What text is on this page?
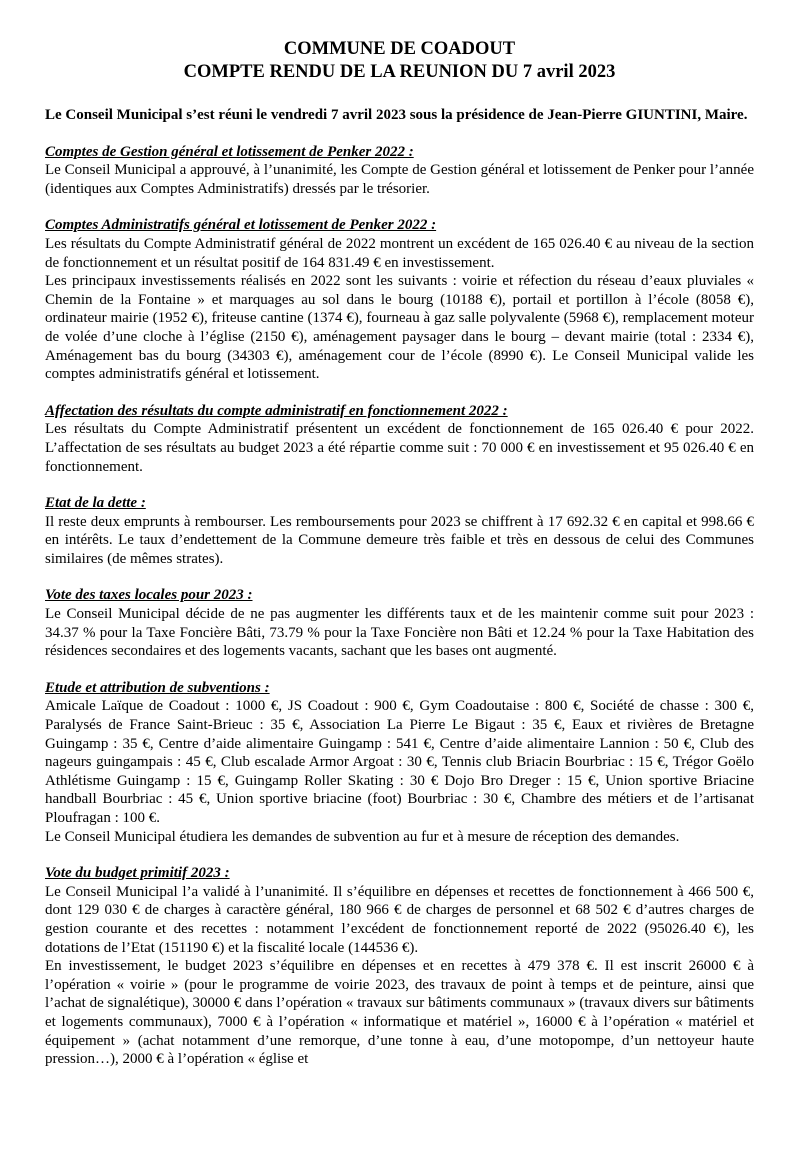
COMMUNE DE COADOUT
COMPTE RENDU DE LA REUNION DU 7 avril 2023

Le Conseil Municipal s’est réuni le vendredi 7 avril 2023 sous la présidence de Jean-Pierre GIUNTINI, Maire.

Comptes de Gestion général et lotissement de Penker 2022 :

Le Conseil Municipal a approuvé, à l’unanimité, les Compte de Gestion général et lotissement de Penker pour l’année (identiques aux Comptes Administratifs) dressés par le trésorier.

Comptes Administratifs général et lotissement de Penker 2022 :

Les résultats du Compte Administratif général de 2022 montrent un excédent de 165 026.40 € au niveau de la section de fonctionnement et un résultat positif de 164 831.49 € en investissement.

Les principaux investissements réalisés en 2022 sont les suivants : voirie et réfection du réseau d’eaux pluviales « Chemin de la Fontaine » et marquages au sol dans le bourg (10188 €), portail et portillon à l’école (8058 €), ordinateur mairie (1952 €), friteuse cantine (1374 €), fourneau à gaz salle polyvalente (5968 €), remplacement moteur de volée d’une cloche à l’église (2150 €), aménagement paysager dans le bourg – devant mairie (total : 2334 €), Aménagement bas du bourg (34303 €), aménagement cour de l’école (8990 €). Le Conseil Municipal valide les comptes administratifs général et lotissement.

Affectation des résultats du compte administratif en fonctionnement 2022 :

Les résultats du Compte Administratif présentent un excédent de fonctionnement de 165 026.40 € pour 2022. L’affectation de ses résultats au budget 2023 a été répartie comme suit : 70 000 € en investissement et 95 026.40 € en fonctionnement.

Etat de la dette :

Il reste deux emprunts à rembourser. Les remboursements pour 2023 se chiffrent à 17 692.32 € en capital et 998.66 € en intérêts. Le taux d’endettement de la Commune demeure très faible et très en dessous de celui des Communes similaires (de mêmes strates).

Vote des taxes locales pour 2023 :

Le Conseil Municipal décide de ne pas augmenter les différents taux et de les maintenir comme suit pour 2023 : 34.37 % pour la Taxe Foncière Bâti, 73.79 % pour la Taxe Foncière non Bâti et 12.24 % pour la Taxe Habitation des résidences secondaires et des logements vacants, sachant que les bases ont augmenté.

Etude et attribution de subventions :

Amicale Laïque de Coadout : 1000 €, JS Coadout : 900 €, Gym Coadoutaise : 800 €, Société de chasse : 300 €, Paralysés de France Saint-Brieuc : 35 €, Association La Pierre Le Bigaut : 35 €, Eaux et rivières de Bretagne Guingamp : 35 €, Centre d’aide alimentaire Guingamp : 541 €, Centre d’aide alimentaire Lannion : 50 €, Club des nageurs guingampais : 45 €, Club escalade Armor Argoat : 30 €, Tennis club Briacin Bourbriac : 15 €, Trégor Goëlo Athlétisme Guingamp : 15 €, Guingamp Roller Skating : 30 € Dojo Bro Dreger : 15 €, Union sportive Briacine handball Bourbriac : 45 €, Union sportive briacine (foot) Bourbriac : 30 €, Chambre des métiers et de l’artisanat Ploufragan : 100 €.

Le Conseil Municipal étudiera les demandes de subvention au fur et à mesure de réception des demandes.

Vote du budget primitif 2023 :

Le Conseil Municipal l’a validé à l’unanimité. Il s’équilibre en dépenses et recettes de fonctionnement à 466 500 €, dont 129 030 € de charges à caractère général, 180 966 € de charges de personnel et 68 502 € d’autres charges de gestion courante et des recettes : notamment l’excédent de fonctionnement reporté de 2022 (95026.40 €), les dotations de l’Etat (151190 €) et la fiscalité locale (144536 €).

En investissement, le budget 2023 s’équilibre en dépenses et en recettes à 479 378 €. Il est inscrit 26000 € à l’opération « voirie » (pour le programme de voirie 2023, des travaux de point à temps et de peinture, ainsi que l’achat de signalétique), 30000 € dans l’opération « travaux sur bâtiments communaux » (travaux divers sur bâtiments et logements communaux), 7000 € à l’opération « informatique et matériel », 16000 € à l’opération « matériel et équipement » (achat notamment d’une remorque, d’une tonne à eau, d’une motopompe, d’un nettoyeur haute pression…), 2000 € à l’opération « église et
